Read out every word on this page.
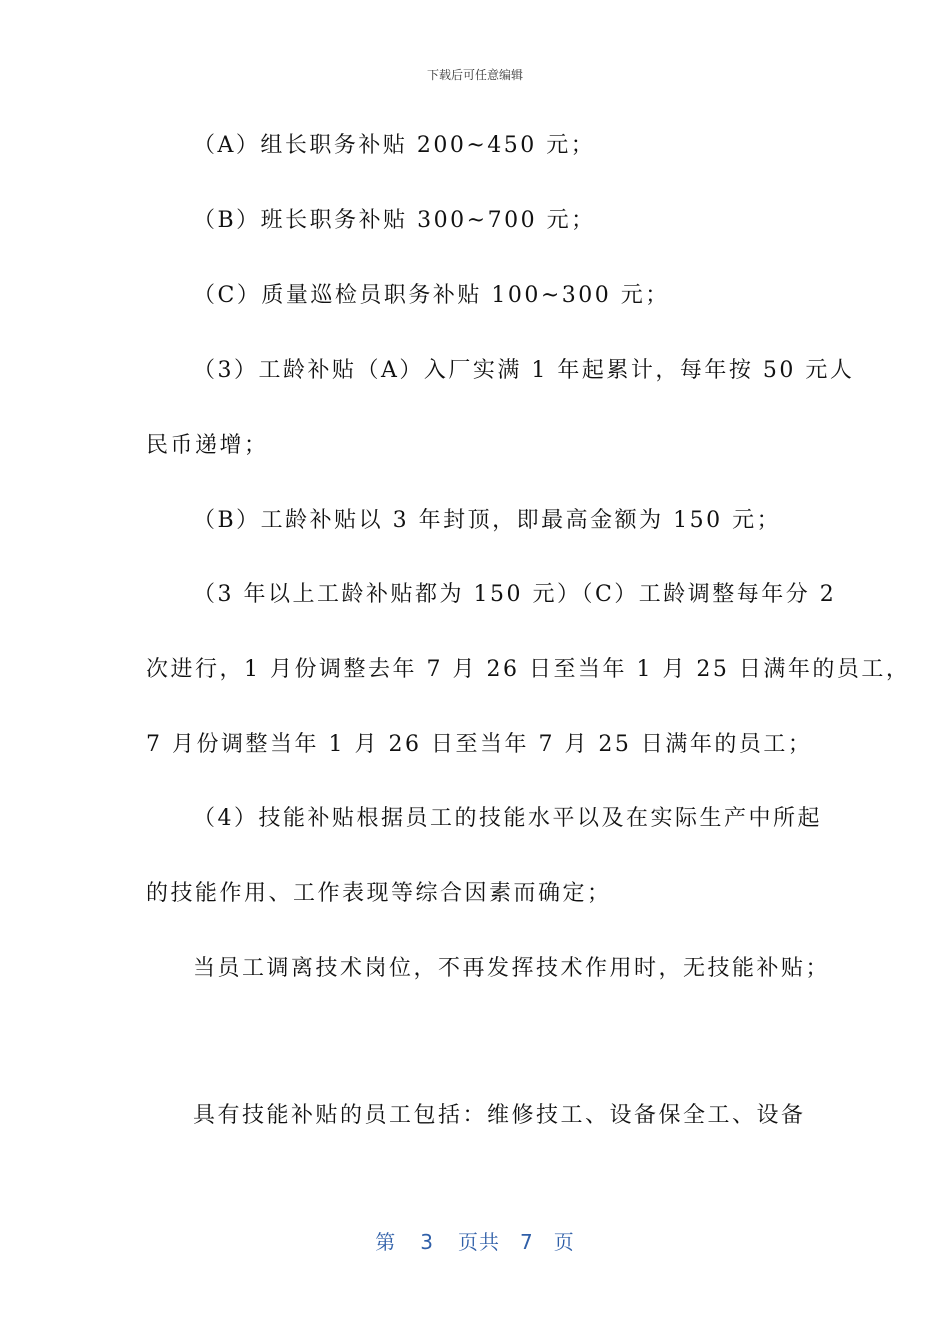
下载后可任意编辑
（A）组长职务补贴 200~450 元；
（B）班长职务补贴 300~700 元；
（C）质量巡检员职务补贴 100~300 元；
（3）工龄补贴（A）入厂实满 1 年起累计，每年按 50 元人
民币递增；
（B）工龄补贴以 3 年封顶，即最高金额为 150 元；
（3 年以上工龄补贴都为 150 元）（C）工龄调整每年分 2
次进行，1 月份调整去年 7 月 26 日至当年 1 月 25 日满年的员工，
7 月份调整当年 1 月 26 日至当年 7 月 25 日满年的员工；
（4）技能补贴根据员工的技能水平以及在实际生产中所起
的技能作用、工作表现等综合因素而确定；
当员工调离技术岗位，不再发挥技术作用时，无技能补贴；
具有技能补贴的员工包括：维修技工、设备保全工、设备
第 3 页共 7 页
